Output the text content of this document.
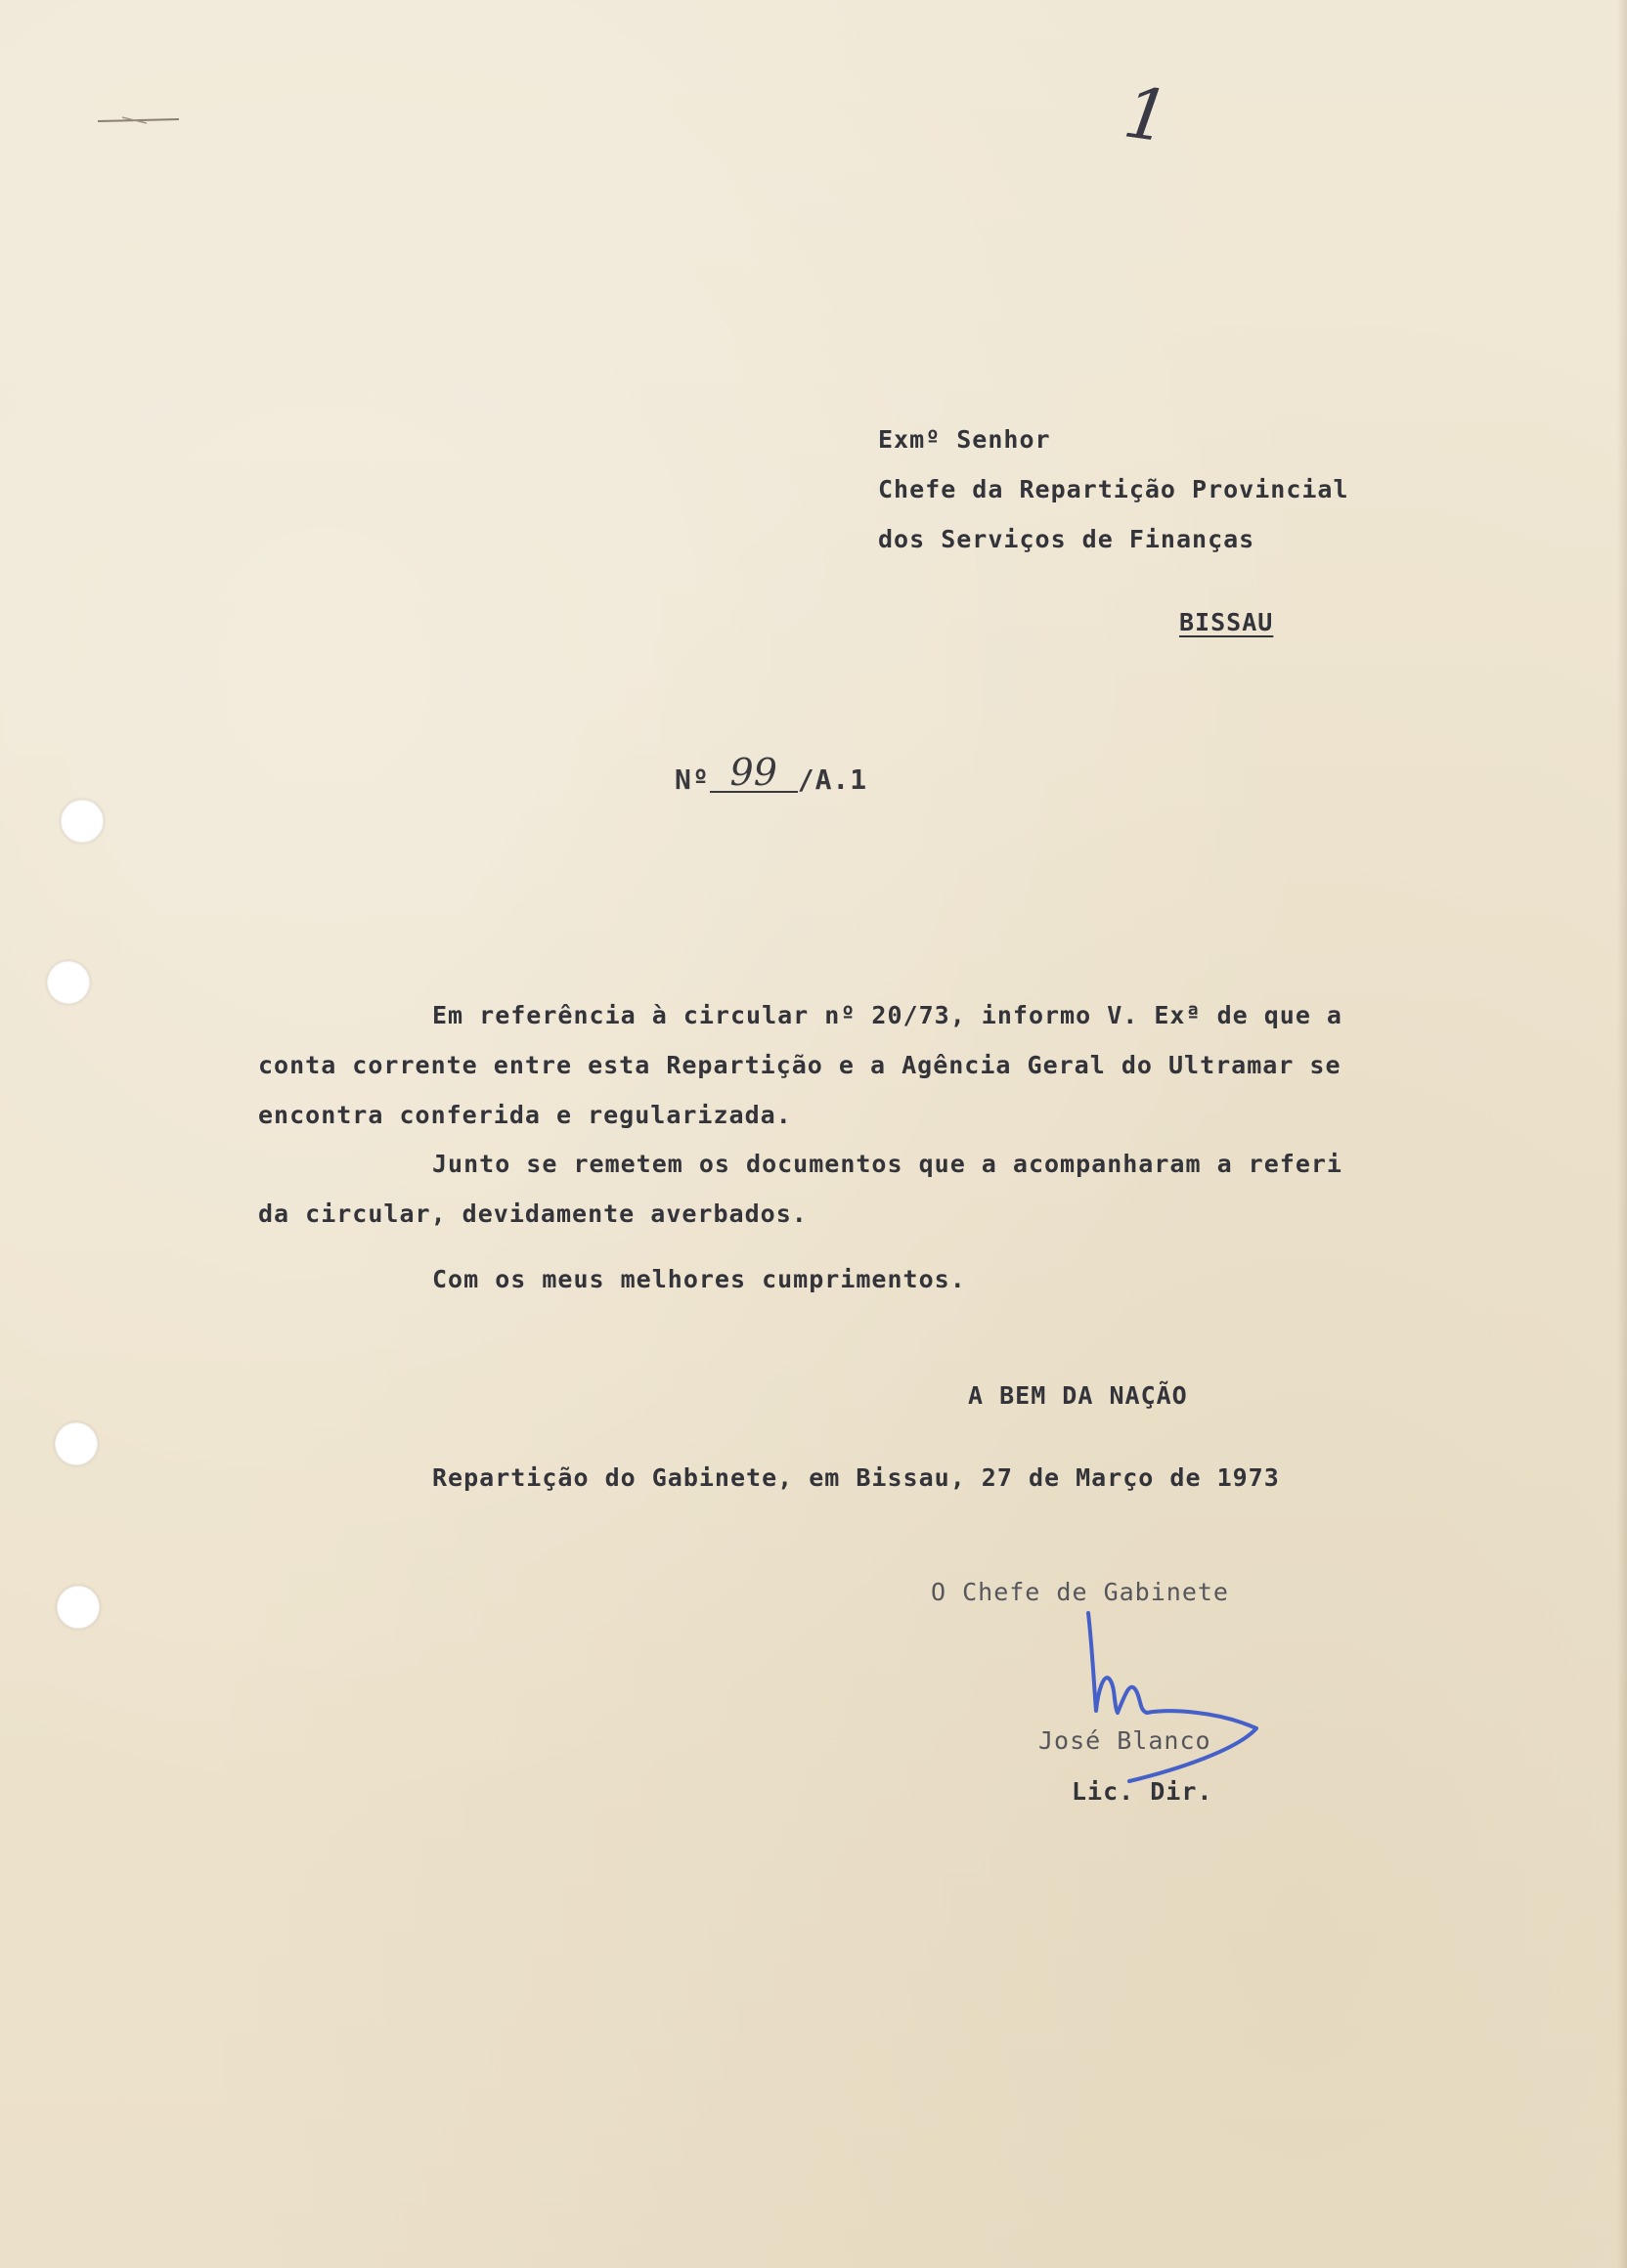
1
Exmº Senhor
Chefe da Repartição Provincial
dos Serviços de Finanças
BISSAU
Nº 99 /A.1
Em referência à circular nº 20/73, informo V. Exª de que a
conta corrente entre esta Repartição e a Agência Geral do Ultramar se
encontra conferida e regularizada.
Junto se remetem os documentos que a acompanharam a referi
da circular, devidamente averbados.
Com os meus melhores cumprimentos.
A BEM DA NAÇÃO
Repartição do Gabinete, em Bissau, 27 de Março de 1973
O Chefe de Gabinete
José Blanco
Lic. Dir.
